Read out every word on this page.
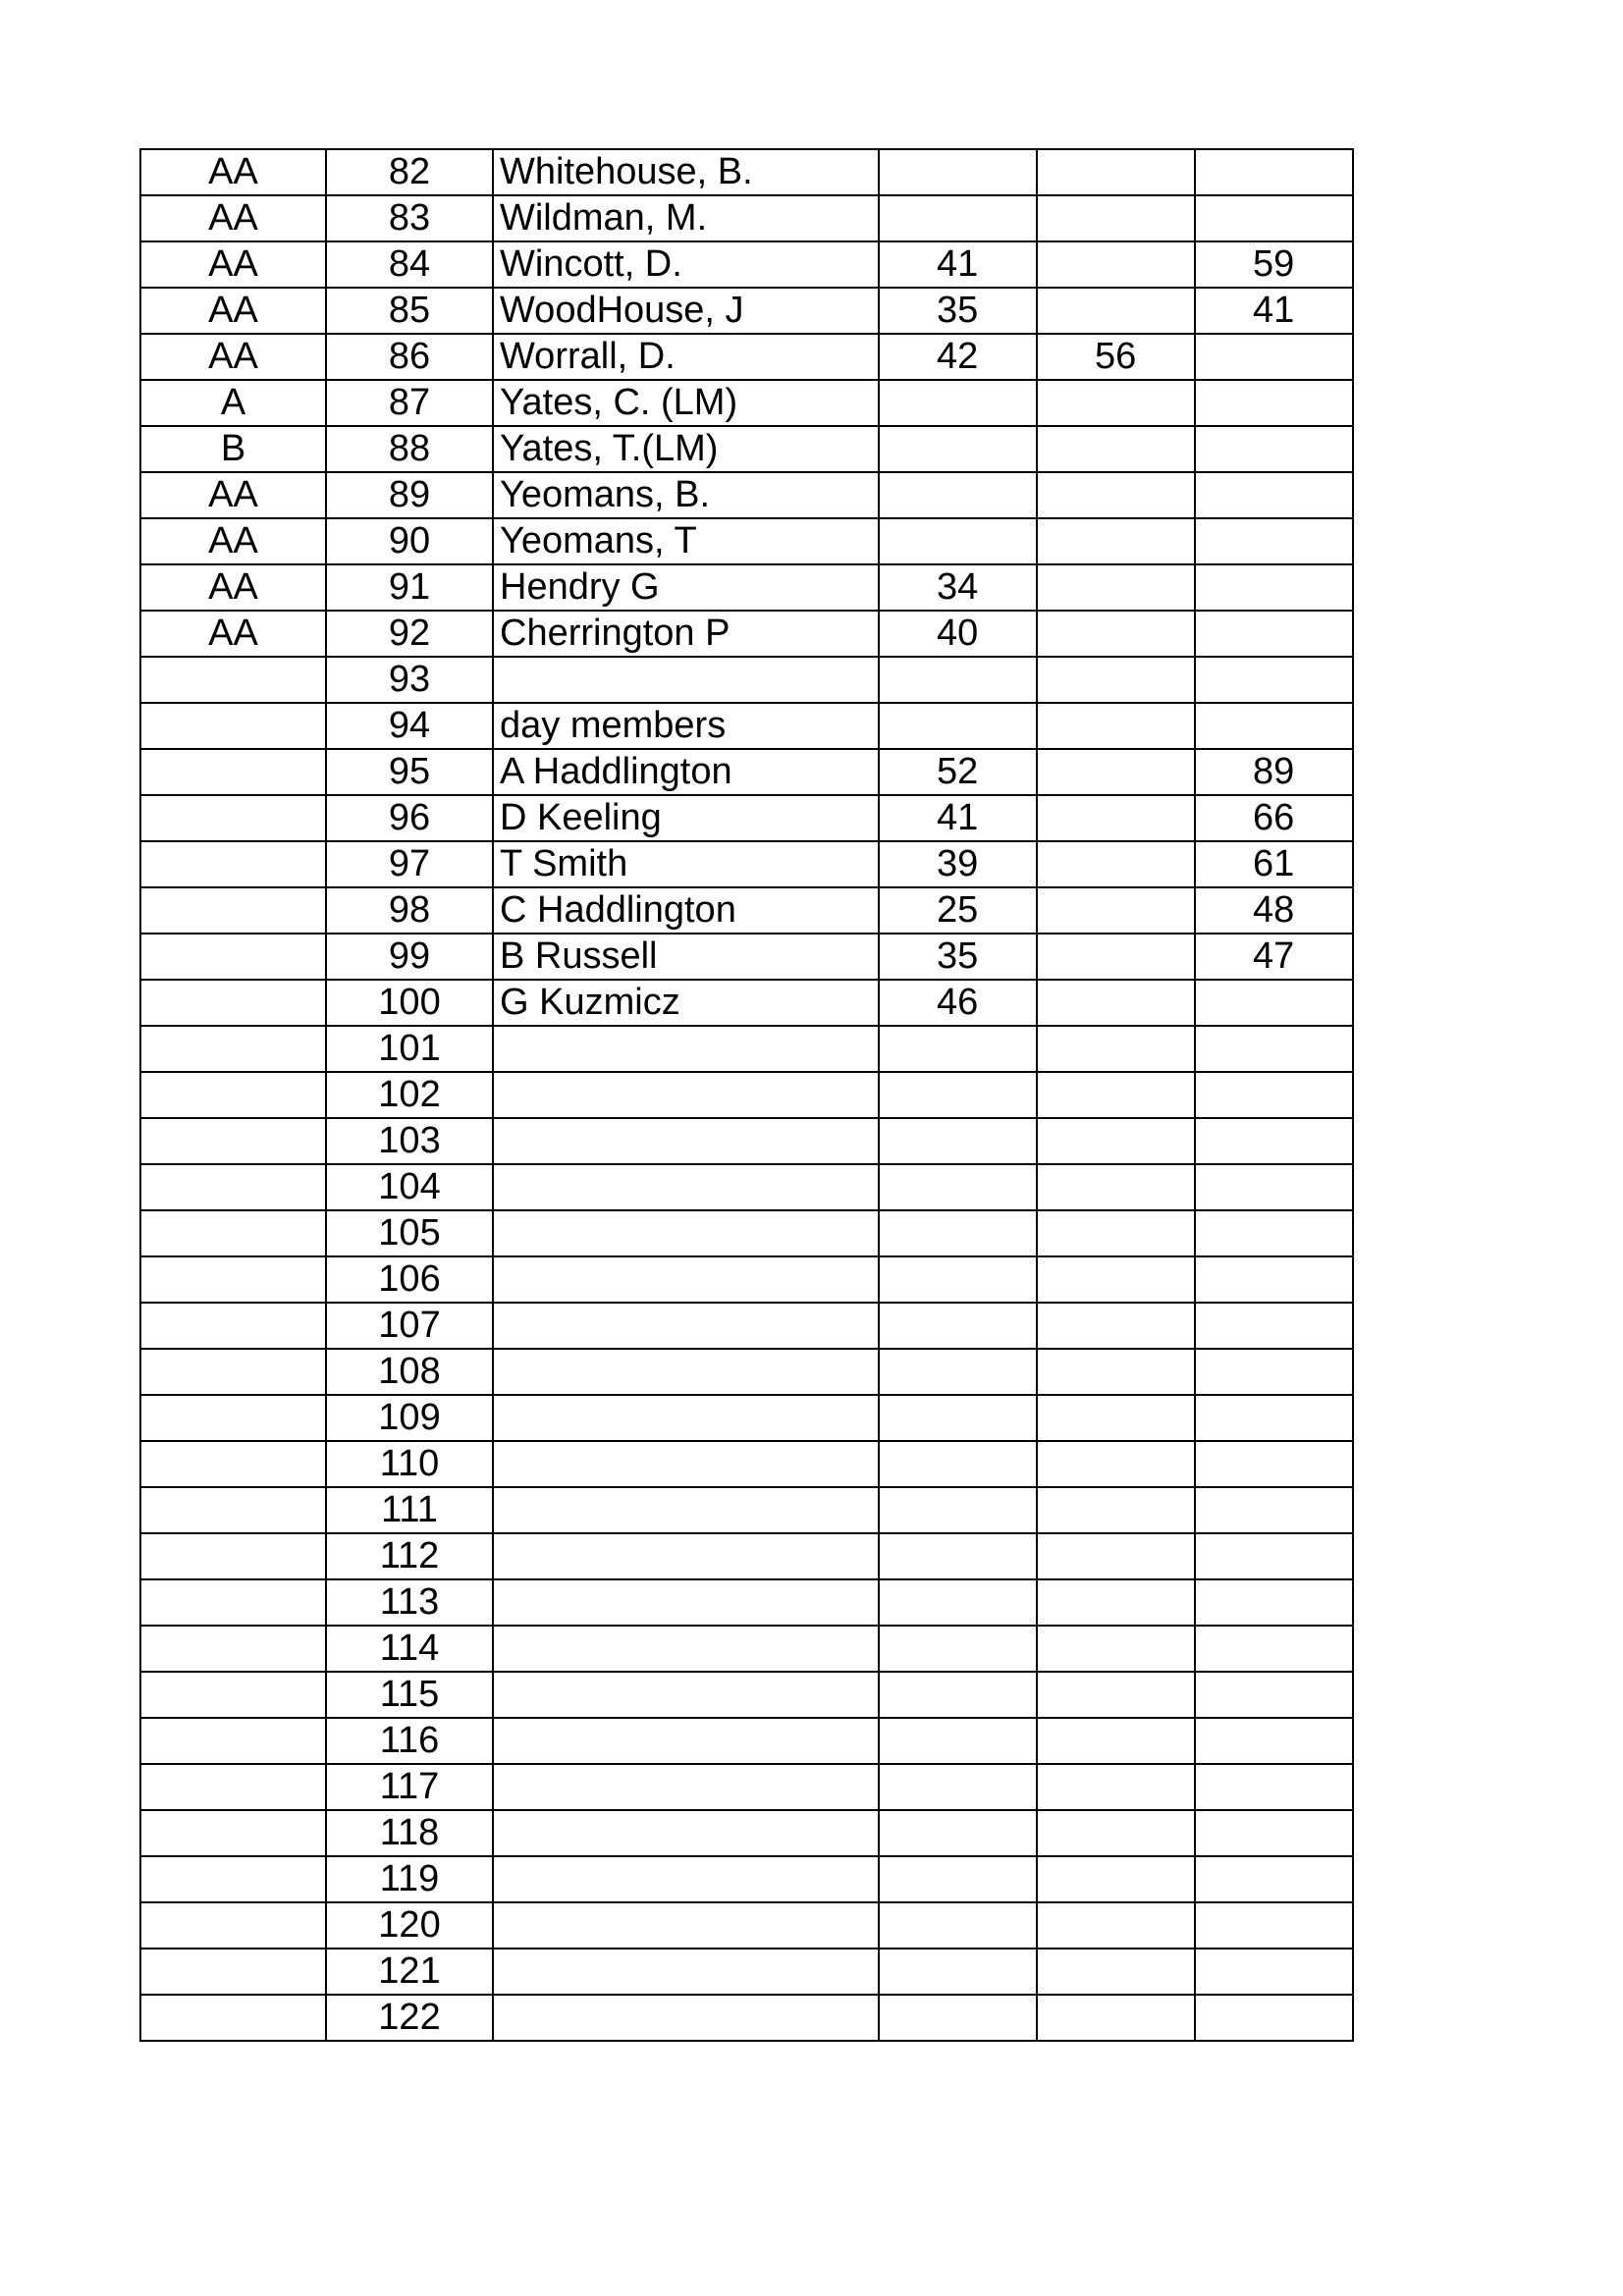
AA	82	Whitehouse, B.			
AA	83	Wildman, M.			
AA	84	Wincott, D.	41		59
AA	85	WoodHouse, J	35		41
AA	86	Worrall, D.	42	56	
A	87	Yates, C. (LM)			
B	88	Yates, T.(LM)			
AA	89	Yeomans, B.			
AA	90	Yeomans, T			
AA	91	Hendry G	34		
AA	92	Cherrington P	40		
	93				
	94	day members			
	95	A Haddlington	52		89
	96	D Keeling	41		66
	97	T Smith	39		61
	98	C Haddlington	25		48
	99	B Russell	35		47
	100	G Kuzmicz	46		
	101				
	102				
	103				
	104				
	105				
	106				
	107				
	108				
	109				
	110				
	111				
	112				
	113				
	114				
	115				
	116				
	117				
	118				
	119				
	120				
	121				
	122				
